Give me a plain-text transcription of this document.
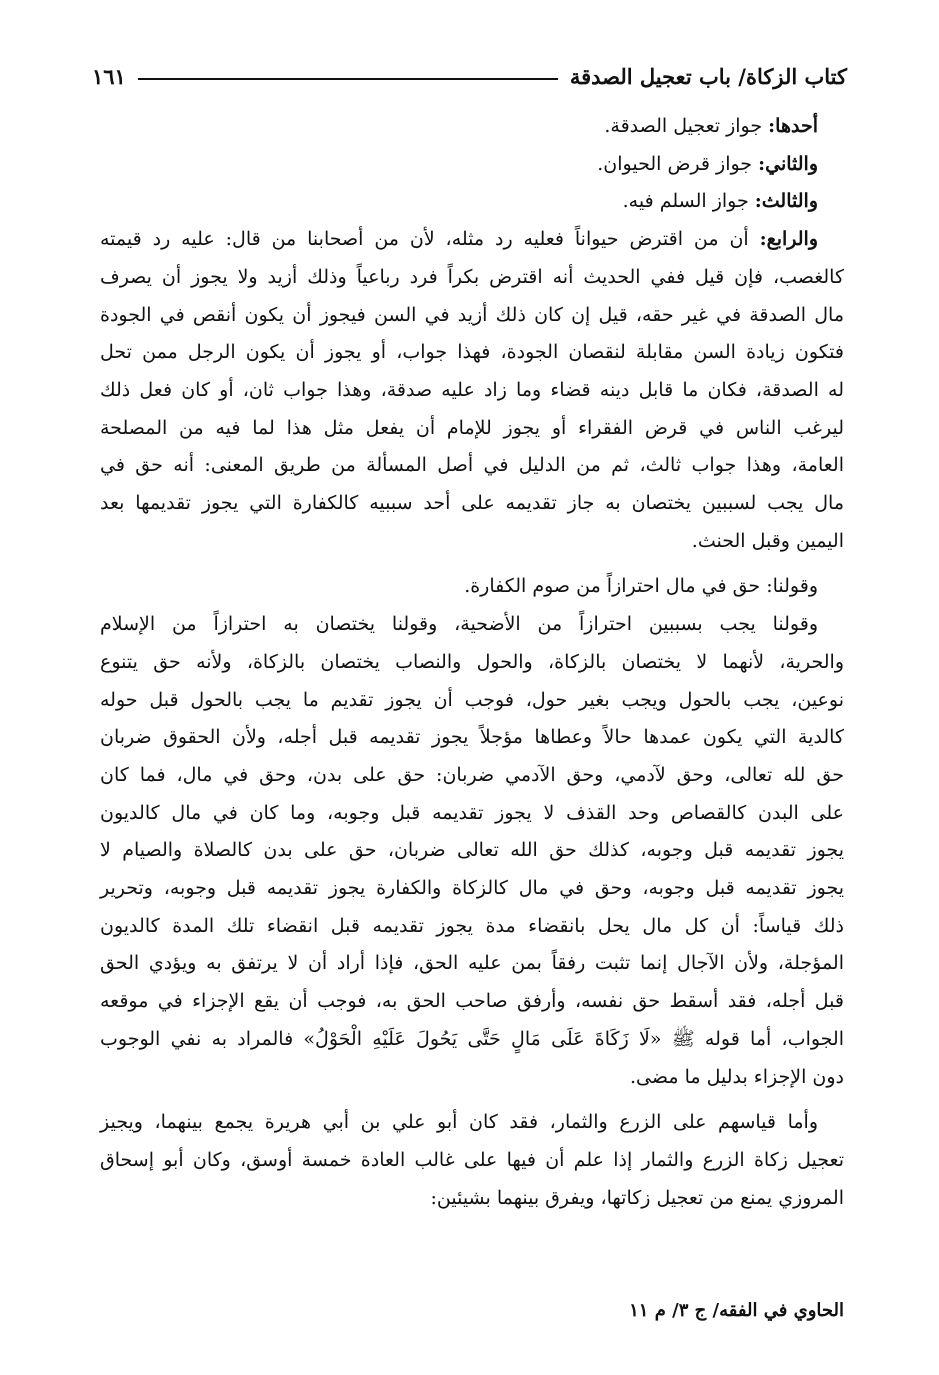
كتاب الزكاة/ باب تعجيل الصدقة
١٦١

أحدها: جواز تعجيل الصدقة.

والثاني: جواز قرض الحيوان.

والثالث: جواز السلم فيه.

والرابع: أن من اقترض حيواناً فعليه رد مثله، لأن من أصحابنا من قال: عليه رد قيمته

كالغصب، فإن قيل ففي الحديث أنه اقترض بكراً فرد رباعياً وذلك أزيد ولا يجوز أن يصرف

مال الصدقة في غير حقه، قيل إن كان ذلك أزيد في السن فيجوز أن يكون أنقص في الجودة

فتكون زيادة السن مقابلة لنقصان الجودة، فهذا جواب، أو يجوز أن يكون الرجل ممن تحل

له الصدقة، فكان ما قابل دينه قضاء وما زاد عليه صدقة، وهذا جواب ثان، أو كان فعل ذلك

ليرغب الناس في قرض الفقراء أو يجوز للإمام أن يفعل مثل هذا لما فيه من المصلحة

العامة، وهذا جواب ثالث، ثم من الدليل في أصل المسألة من طريق المعنى: أنه حق في

مال يجب لسببين يختصان به جاز تقديمه على أحد سببيه كالكفارة التي يجوز تقديمها بعد

اليمين وقبل الحنث.

وقولنا: حق في مال احترازاً من صوم الكفارة.

وقولنا يجب بسببين احترازاً من الأضحية، وقولنا يختصان به احترازاً من الإسلام

والحرية، لأنهما لا يختصان بالزكاة، والحول والنصاب يختصان بالزكاة، ولأنه حق يتنوع

نوعين، يجب بالحول ويجب بغير حول، فوجب أن يجوز تقديم ما يجب بالحول قبل حوله

كالدية التي يكون عمدها حالاً وعطاها مؤجلاً يجوز تقديمه قبل أجله، ولأن الحقوق ضربان

حق لله تعالى، وحق لآدمي، وحق الآدمي ضربان: حق على بدن، وحق في مال، فما كان

على البدن كالقصاص وحد القذف لا يجوز تقديمه قبل وجوبه، وما كان في مال كالديون

يجوز تقديمه قبل وجوبه، كذلك حق الله تعالى ضربان، حق على بدن كالصلاة والصيام لا

يجوز تقديمه قبل وجوبه، وحق في مال كالزكاة والكفارة يجوز تقديمه قبل وجوبه، وتحرير

ذلك قياساً: أن كل مال يحل بانقضاء مدة يجوز تقديمه قبل انقضاء تلك المدة كالديون

المؤجلة، ولأن الآجال إنما تثبت رفقاً بمن عليه الحق، فإذا أراد أن لا يرتفق به ويؤدي الحق

قبل أجله، فقد أسقط حق نفسه، وأرفق صاحب الحق به، فوجب أن يقع الإجزاء في موقعه

الجواب، أما قوله ﷺ «لَا زَكَاةَ عَلَى مَالٍ حَتَّى يَحُولَ عَلَيْهِ الْحَوْلُ» فالمراد به نفي الوجوب

دون الإجزاء بدليل ما مضى.

وأما قياسهم على الزرع والثمار، فقد كان أبو علي بن أبي هريرة يجمع بينهما، ويجيز

تعجيل زكاة الزرع والثمار إذا علم أن فيها على غالب العادة خمسة أوسق، وكان أبو إسحاق

المروزي يمنع من تعجيل زكاتها، ويفرق بينهما بشيئين:

الحاوي في الفقه/ ج ٣/ م ١١
